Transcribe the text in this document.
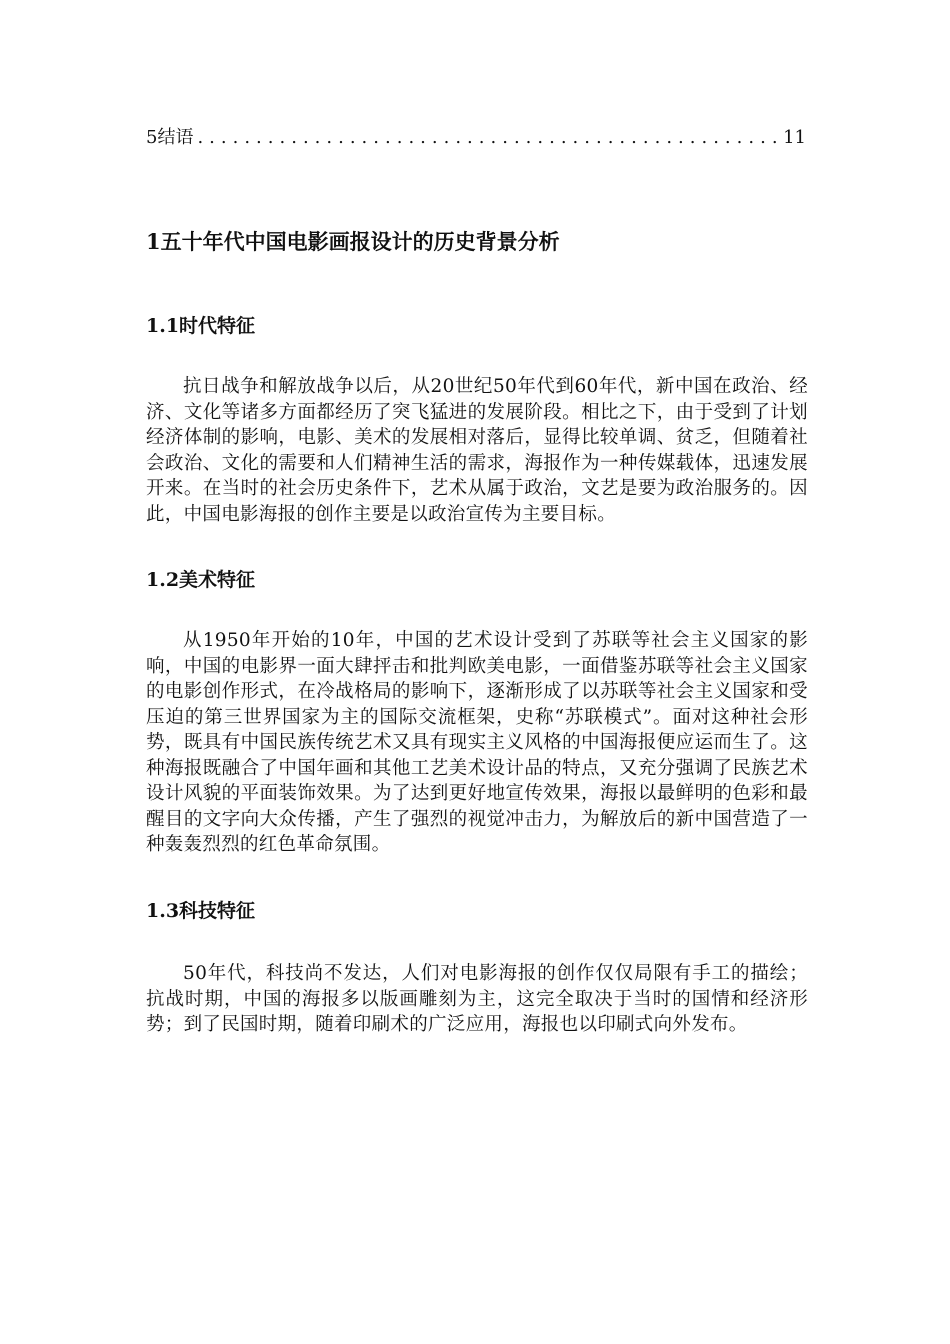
5结语
.....	11
1五十年代中国电影画报设计的历史背景分析
1.1时代特征

抗日战争和解放战争以后，从20世纪50年代到60年代，新中国在政治、经济、文化等诸多方面都经历了突飞猛进的发展阶段。相比之下，由于受到了计划经济体制的影响，电影、美术的发展相对落后，显得比较单调、贫乏，但随着社会政治、文化的需要和人们精神生活的需求，海报作为一种传媒载体，迅速发展开来。在当时的社会历史条件下，艺术从属于政治，文艺是要为政治服务的。因此，中国电影海报的创作主要是以政治宣传为主要目标。

1.2美术特征

从1950年开始的10年，中国的艺术设计受到了苏联等社会主义国家的影响，中国的电影界一面大肆抨击和批判欧美电影，一面借鉴苏联等社会主义国家的电影创作形式，在冷战格局的影响下，逐渐形成了以苏联等社会主义国家和受压迫的第三世界国家为主的国际交流框架，史称“苏联模式”。面对这种社会形势，既具有中国民族传统艺术又具有现实主义风格的中国海报便应运而生了。这种海报既融合了中国年画和其他工艺美术设计品的特点，又充分强调了民族艺术设计风貌的平面装饰效果。为了达到更好地宣传效果，海报以最鲜明的色彩和最醒目的文字向大众传播，产生了强烈的视觉冲击力，为解放后的新中国营造了一种轰轰烈烈的红色革命氛围。

1.3科技特征

50年代，科技尚不发达，人们对电影海报的创作仅仅局限有手工的描绘；抗战时期，中国的海报多以版画雕刻为主，这完全取决于当时的国情和经济形势；到了民国时期，随着印刷术的广泛应用，海报也以印刷式向外发布。
